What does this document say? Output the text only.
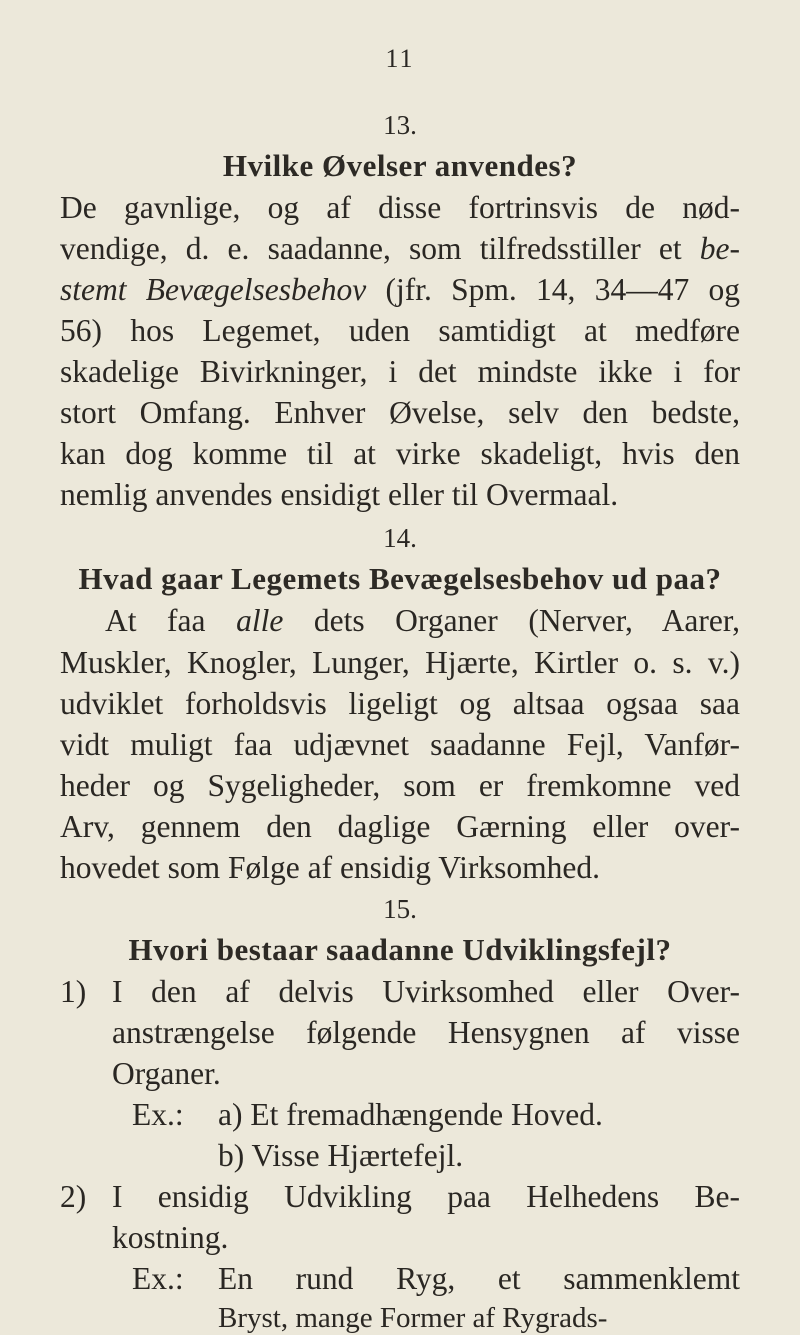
11
13.
Hvilke Øvelser anvendes?
De gavnlige, og af disse fortrinsvis de nød-
vendige, d. e. saadanne, som tilfredsstiller et be-
stemt Bevægelsesbehov (jfr. Spm. 14, 34—47 og
56) hos Legemet, uden samtidigt at medføre
skadelige Bivirkninger, i det mindste ikke i for
stort Omfang. Enhver Øvelse, selv den bedste,
kan dog komme til at virke skadeligt, hvis den
nemlig anvendes ensidigt eller til Overmaal.
14.
Hvad gaar Legemets Bevægelsesbehov ud paa?
At faa alle dets Organer (Nerver, Aarer,
Muskler, Knogler, Lunger, Hjærte, Kirtler o. s. v.)
udviklet forholdsvis ligeligt og altsaa ogsaa saa
vidt muligt faa udjævnet saadanne Fejl, Vanfør-
heder og Sygeligheder, som er fremkomne ved
Arv, gennem den daglige Gærning eller over-
hovedet som Følge af ensidig Virksomhed.
15.
Hvori bestaar saadanne Udviklingsfejl?
1) I den af delvis Uvirksomhed eller Over-
anstrængelse følgende Hensygnen af visse
Organer.
Ex.: a) Et fremadhængende Hoved.
b) Visse Hjærtefejl.
2) I ensidig Udvikling paa Helhedens Be-
kostning.
Ex.: En rund Ryg, et sammenklemt
Bryst, mange Former af Rygrads-
